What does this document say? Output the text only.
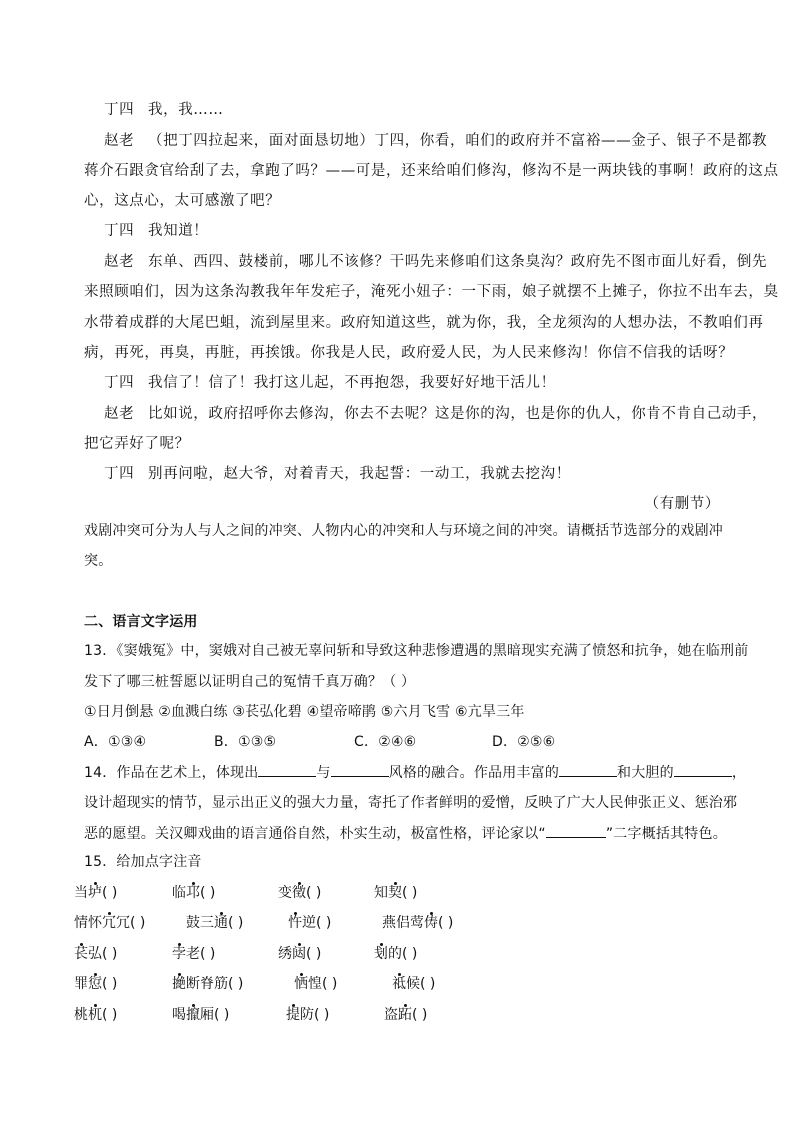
丁四 我，我……
赵老 （把丁四拉起来，面对面恳切地）丁四，你看，咱们的政府并不富裕——金子、银子不是都教
蒋介石跟贪官给刮了去，拿跑了吗？——可是，还来给咱们修沟，修沟不是一两块钱的事啊！政府的这点
心，这点心，太可感激了吧？
丁四 我知道！
赵老 东单、西四、鼓楼前，哪儿不该修？干吗先来修咱们这条臭沟？政府先不图市面儿好看，倒先
来照顾咱们，因为这条沟教我年年发疟子，淹死小妞子：一下雨，娘子就摆不上摊子，你拉不出车去，臭
水带着成群的大尾巴蛆，流到屋里来。政府知道这些，就为你，我，全龙须沟的人想办法，不教咱们再
病，再死，再臭，再脏，再挨饿。你我是人民，政府爱人民，为人民来修沟！你信不信我的话呀？
丁四 我信了！信了！我打这儿起，不再抱怨，我要好好地干活儿！
赵老 比如说，政府招呼你去修沟，你去不去呢？这是你的沟，也是你的仇人，你肯不肯自己动手，
把它弄好了呢？
丁四 别再问啦，赵大爷，对着青天，我起誓：一动工，我就去挖沟！
（有删节）
戏剧冲突可分为人与人之间的冲突、人物内心的冲突和人与环境之间的冲突。请概括节选部分的戏剧冲
突。
二、语言文字运用
13．《窦娥冤》中，窦娥对自己被无辜问斩和导致这种悲惨遭遇的黑暗现实充满了愤怒和抗争，她在临刑前
发下了哪三桩誓愿以证明自己的冤情千真万确？（ ）
①日月倒悬 ②血溅白练 ③苌弘化碧 ④望帝啼鹃 ⑤六月飞雪 ⑥亢旱三年
A．①③④	B．①③⑤	C．②④⑥	D．②⑤⑥
14．作品在艺术上，体现出	与	风格的融合。作品用丰富的	和大胆的	，
设计超现实的情节，显示出正义的强大力量，寄托了作者鲜明的爱憎，反映了广大人民伸张正义、惩治邪
恶的愿望。关汉卿戏曲的语言通俗自然，朴实生动，极富性格，评论家以“	”二字概括其特色。
15．给加点字注音
当垆( )	临邛( )	变徵( )	知契( )
情怀冗冗( )	鼓三通( )	忤逆( )	燕侣莺俦( )
苌弘( )	孛老( )	绣闼( )	刬的( )
罪愆( )	撧断脊筋( )	恓惶( )	祗候( )
桃杌( )	喝攛厢( )	提防( )	盗跖( )
